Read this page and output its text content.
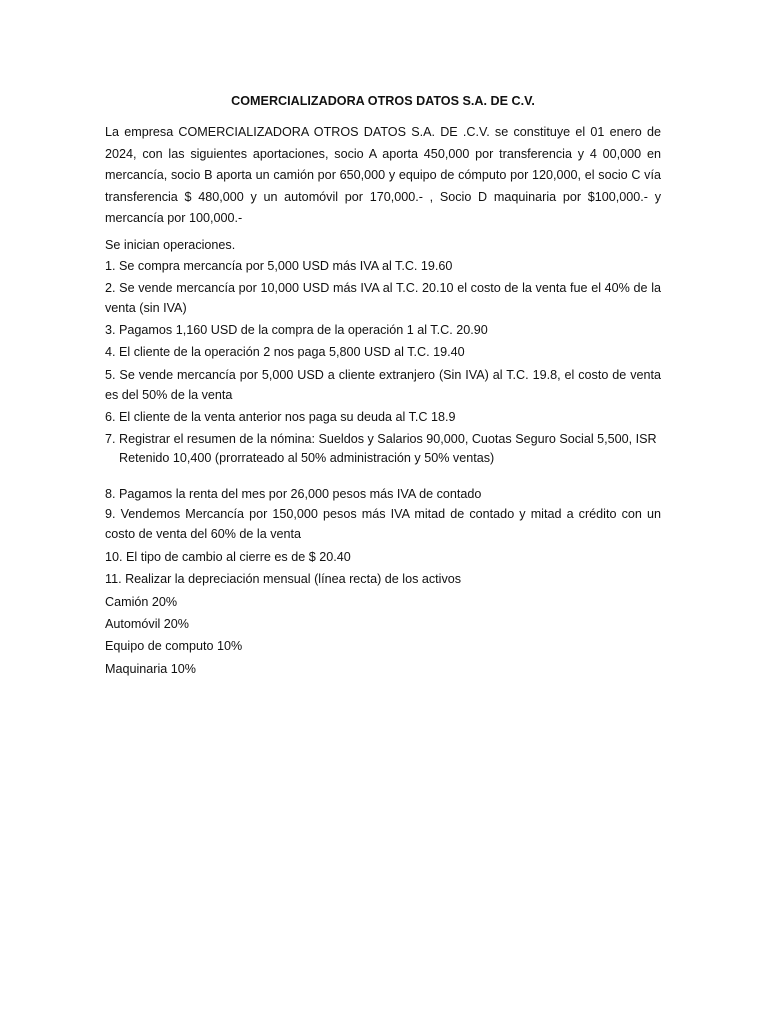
COMERCIALIZADORA OTROS DATOS S.A. DE C.V.

La empresa COMERCIALIZADORA OTROS DATOS S.A. DE .C.V. se constituye el 01 enero de 2024, con las siguientes aportaciones, socio A aporta 450,000 por transferencia y 4 00,000 en mercancía, socio B aporta un camión por 650,000 y equipo de cómputo por 120,000, el socio C vía transferencia $ 480,000 y un automóvil por 170,000.- , Socio D maquinaria por $100,000.- y mercancía por 100,000.-

Se inician operaciones.

1. Se compra mercancía por 5,000 USD más IVA al T.C. 19.60

2. Se vende mercancía por 10,000 USD más IVA al T.C. 20.10 el costo de la venta fue el 40% de la venta (sin IVA)

3. Pagamos 1,160 USD de la compra de la operación 1 al T.C. 20.90

4. El cliente de la operación 2 nos paga 5,800 USD al T.C. 19.40

5. Se vende mercancía por 5,000 USD a cliente extranjero (Sin IVA) al T.C. 19.8, el costo de venta es del 50% de la venta

6. El cliente de la venta anterior nos paga su deuda al T.C 18.9

7. Registrar el resumen de la nómina: Sueldos y Salarios 90,000, Cuotas Seguro Social 5,500, ISR

Retenido 10,400 (prorrateado al 50% administración y 50% ventas)

8. Pagamos la renta del mes por 26,000 pesos más IVA de contado

9. Vendemos Mercancía por 150,000 pesos más IVA mitad de contado y mitad a crédito con un costo de venta del 60% de la venta

10. El tipo de cambio al cierre es de $ 20.40

11. Realizar la depreciación mensual (línea recta) de los activos

Camión 20%

Automóvil 20%

Equipo de computo 10%

Maquinaria 10%
